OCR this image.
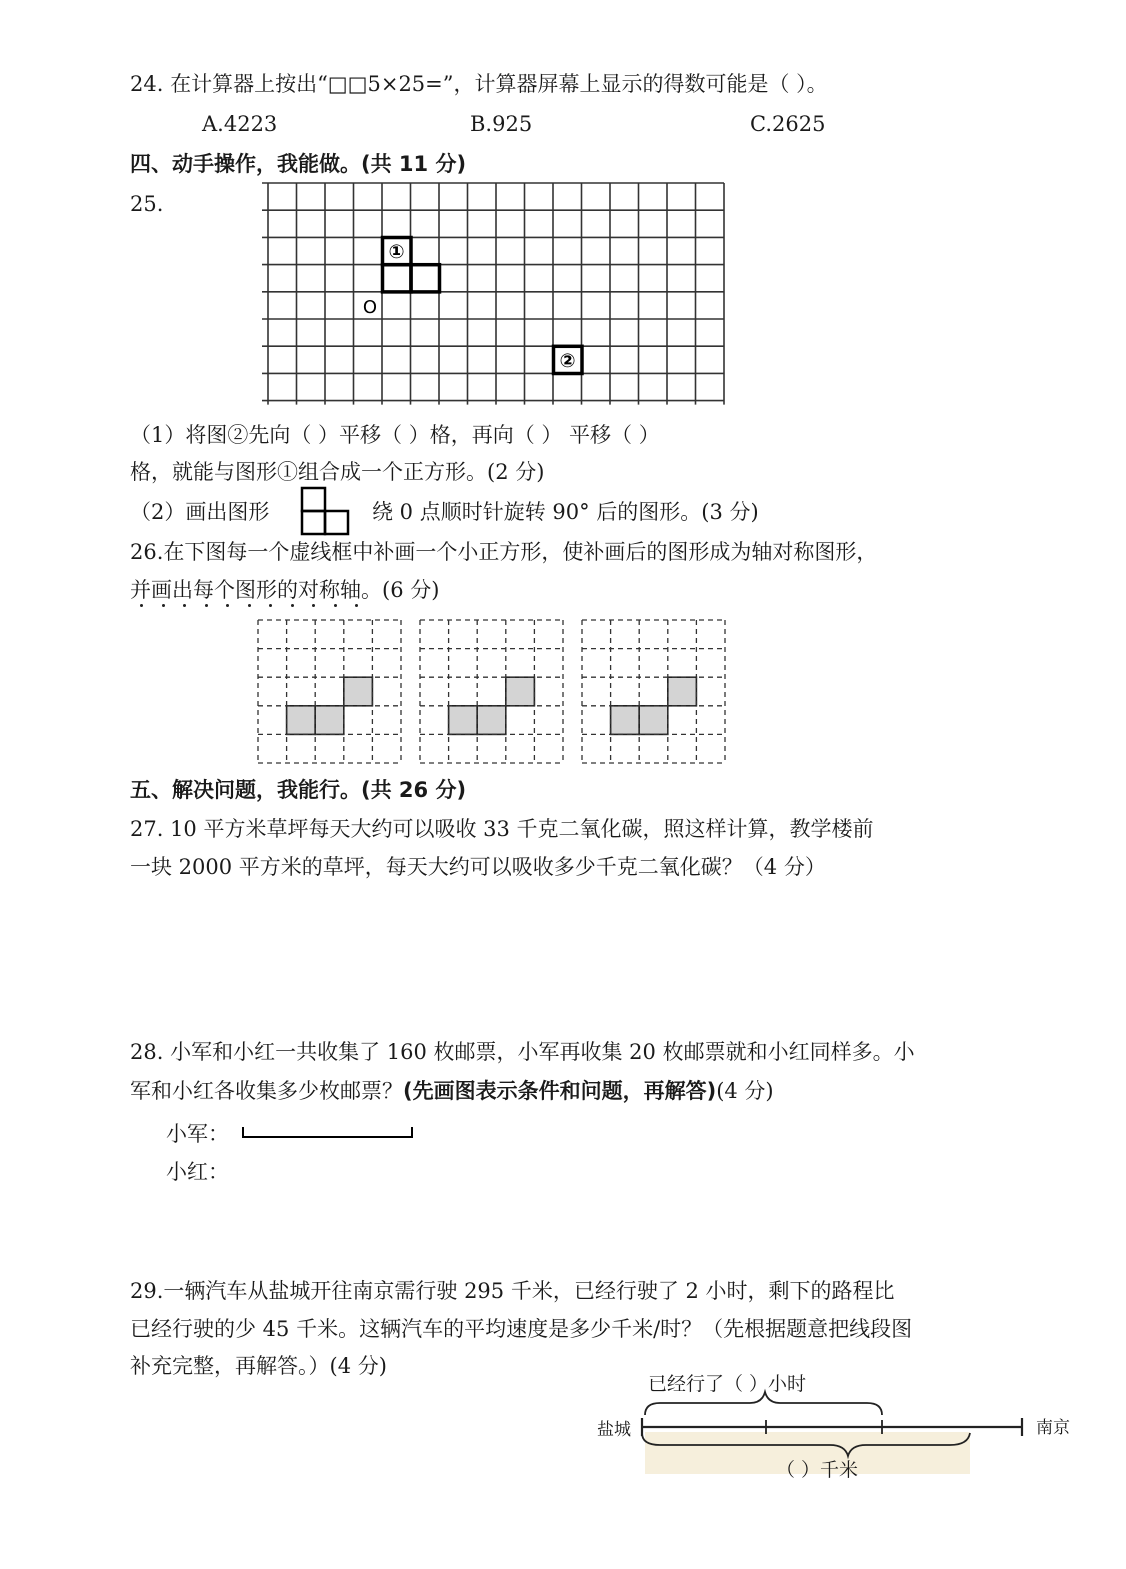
24. 在计算器上按出“□□5×25=”，计算器屏幕上显示的得数可能是（ ）。
A.4223	B.925	C.2625
四、动手操作，我能做。(共 11 分)
25.
①
②
O
（1）将图②先向（ ）平移（ ）格，再向（ ） 平移（ ）
格，就能与图形①组合成一个正方形。(2 分)
（2）画出图形	绕 0 点顺时针旋转 90° 后的图形。(3 分)
26.在下图每一个虚线框中补画一个小正方形，使补画后的图形成为轴对称图形，
并画出每个图形的对称轴。(6 分)
五、解决问题，我能行。(共 26 分)
27. 10 平方米草坪每天大约可以吸收 33 千克二氧化碳，照这样计算，教学楼前
一块 2000 平方米的草坪，每天大约可以吸收多少千克二氧化碳？（4 分）
28. 小军和小红一共收集了 160 枚邮票，小军再收集 20 枚邮票就和小红同样多。小
军和小红各收集多少枚邮票？(先画图表示条件和问题，再解答)(4 分)
小军：
小红：
29.一辆汽车从盐城开往南京需行驶 295 千米，已经行驶了 2 小时，剩下的路程比
已经行驶的少 45 千米。这辆汽车的平均速度是多少千米/时？（先根据题意把线段图
补充完整，再解答。）(4 分)
已经行了（ ）小时
（ ）千米
盐城	南京
